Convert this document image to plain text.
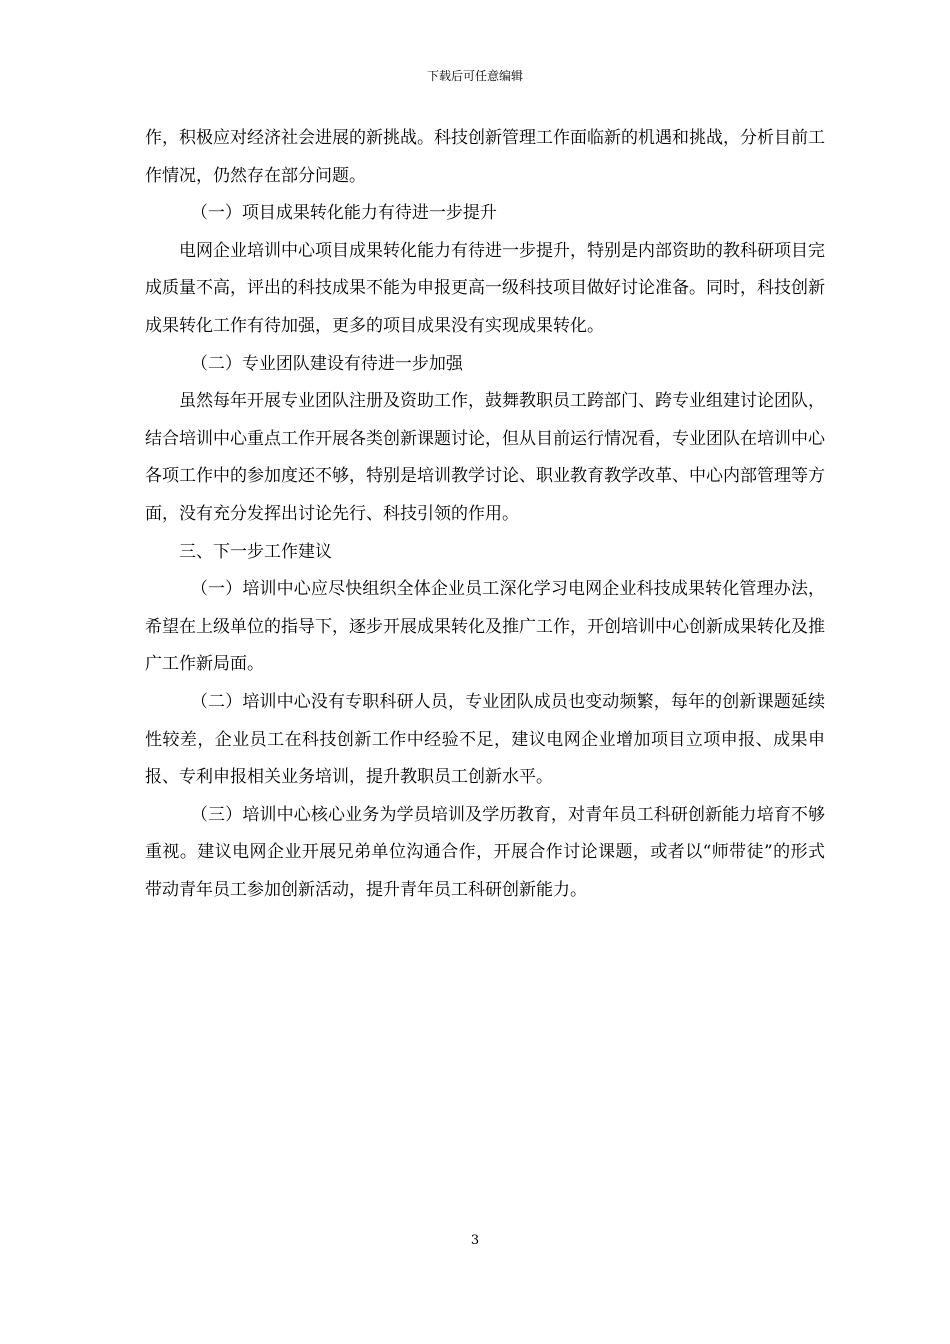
下载后可任意编辑

作，积极应对经济社会进展的新挑战。科技创新管理工作面临新的机遇和挑战，分析目前工作情况，仍然存在部分问题。

（一）项目成果转化能力有待进一步提升

电网企业培训中心项目成果转化能力有待进一步提升，特别是内部资助的教科研项目完成质量不高，评出的科技成果不能为申报更高一级科技项目做好讨论准备。同时，科技创新成果转化工作有待加强，更多的项目成果没有实现成果转化。

（二）专业团队建设有待进一步加强

虽然每年开展专业团队注册及资助工作，鼓舞教职员工跨部门、跨专业组建讨论团队，结合培训中心重点工作开展各类创新课题讨论，但从目前运行情况看，专业团队在培训中心各项工作中的参加度还不够，特别是培训教学讨论、职业教育教学改革、中心内部管理等方面，没有充分发挥出讨论先行、科技引领的作用。

三、下一步工作建议

（一）培训中心应尽快组织全体企业员工深化学习电网企业科技成果转化管理办法，希望在上级单位的指导下，逐步开展成果转化及推广工作，开创培训中心创新成果转化及推广工作新局面。

（二）培训中心没有专职科研人员，专业团队成员也变动频繁，每年的创新课题延续性较差，企业员工在科技创新工作中经验不足，建议电网企业增加项目立项申报、成果申报、专利申报相关业务培训，提升教职员工创新水平。

（三）培训中心核心业务为学员培训及学历教育，对青年员工科研创新能力培育不够重视。建议电网企业开展兄弟单位沟通合作，开展合作讨论课题，或者以“师带徒”的形式带动青年员工参加创新活动，提升青年员工科研创新能力。

3
